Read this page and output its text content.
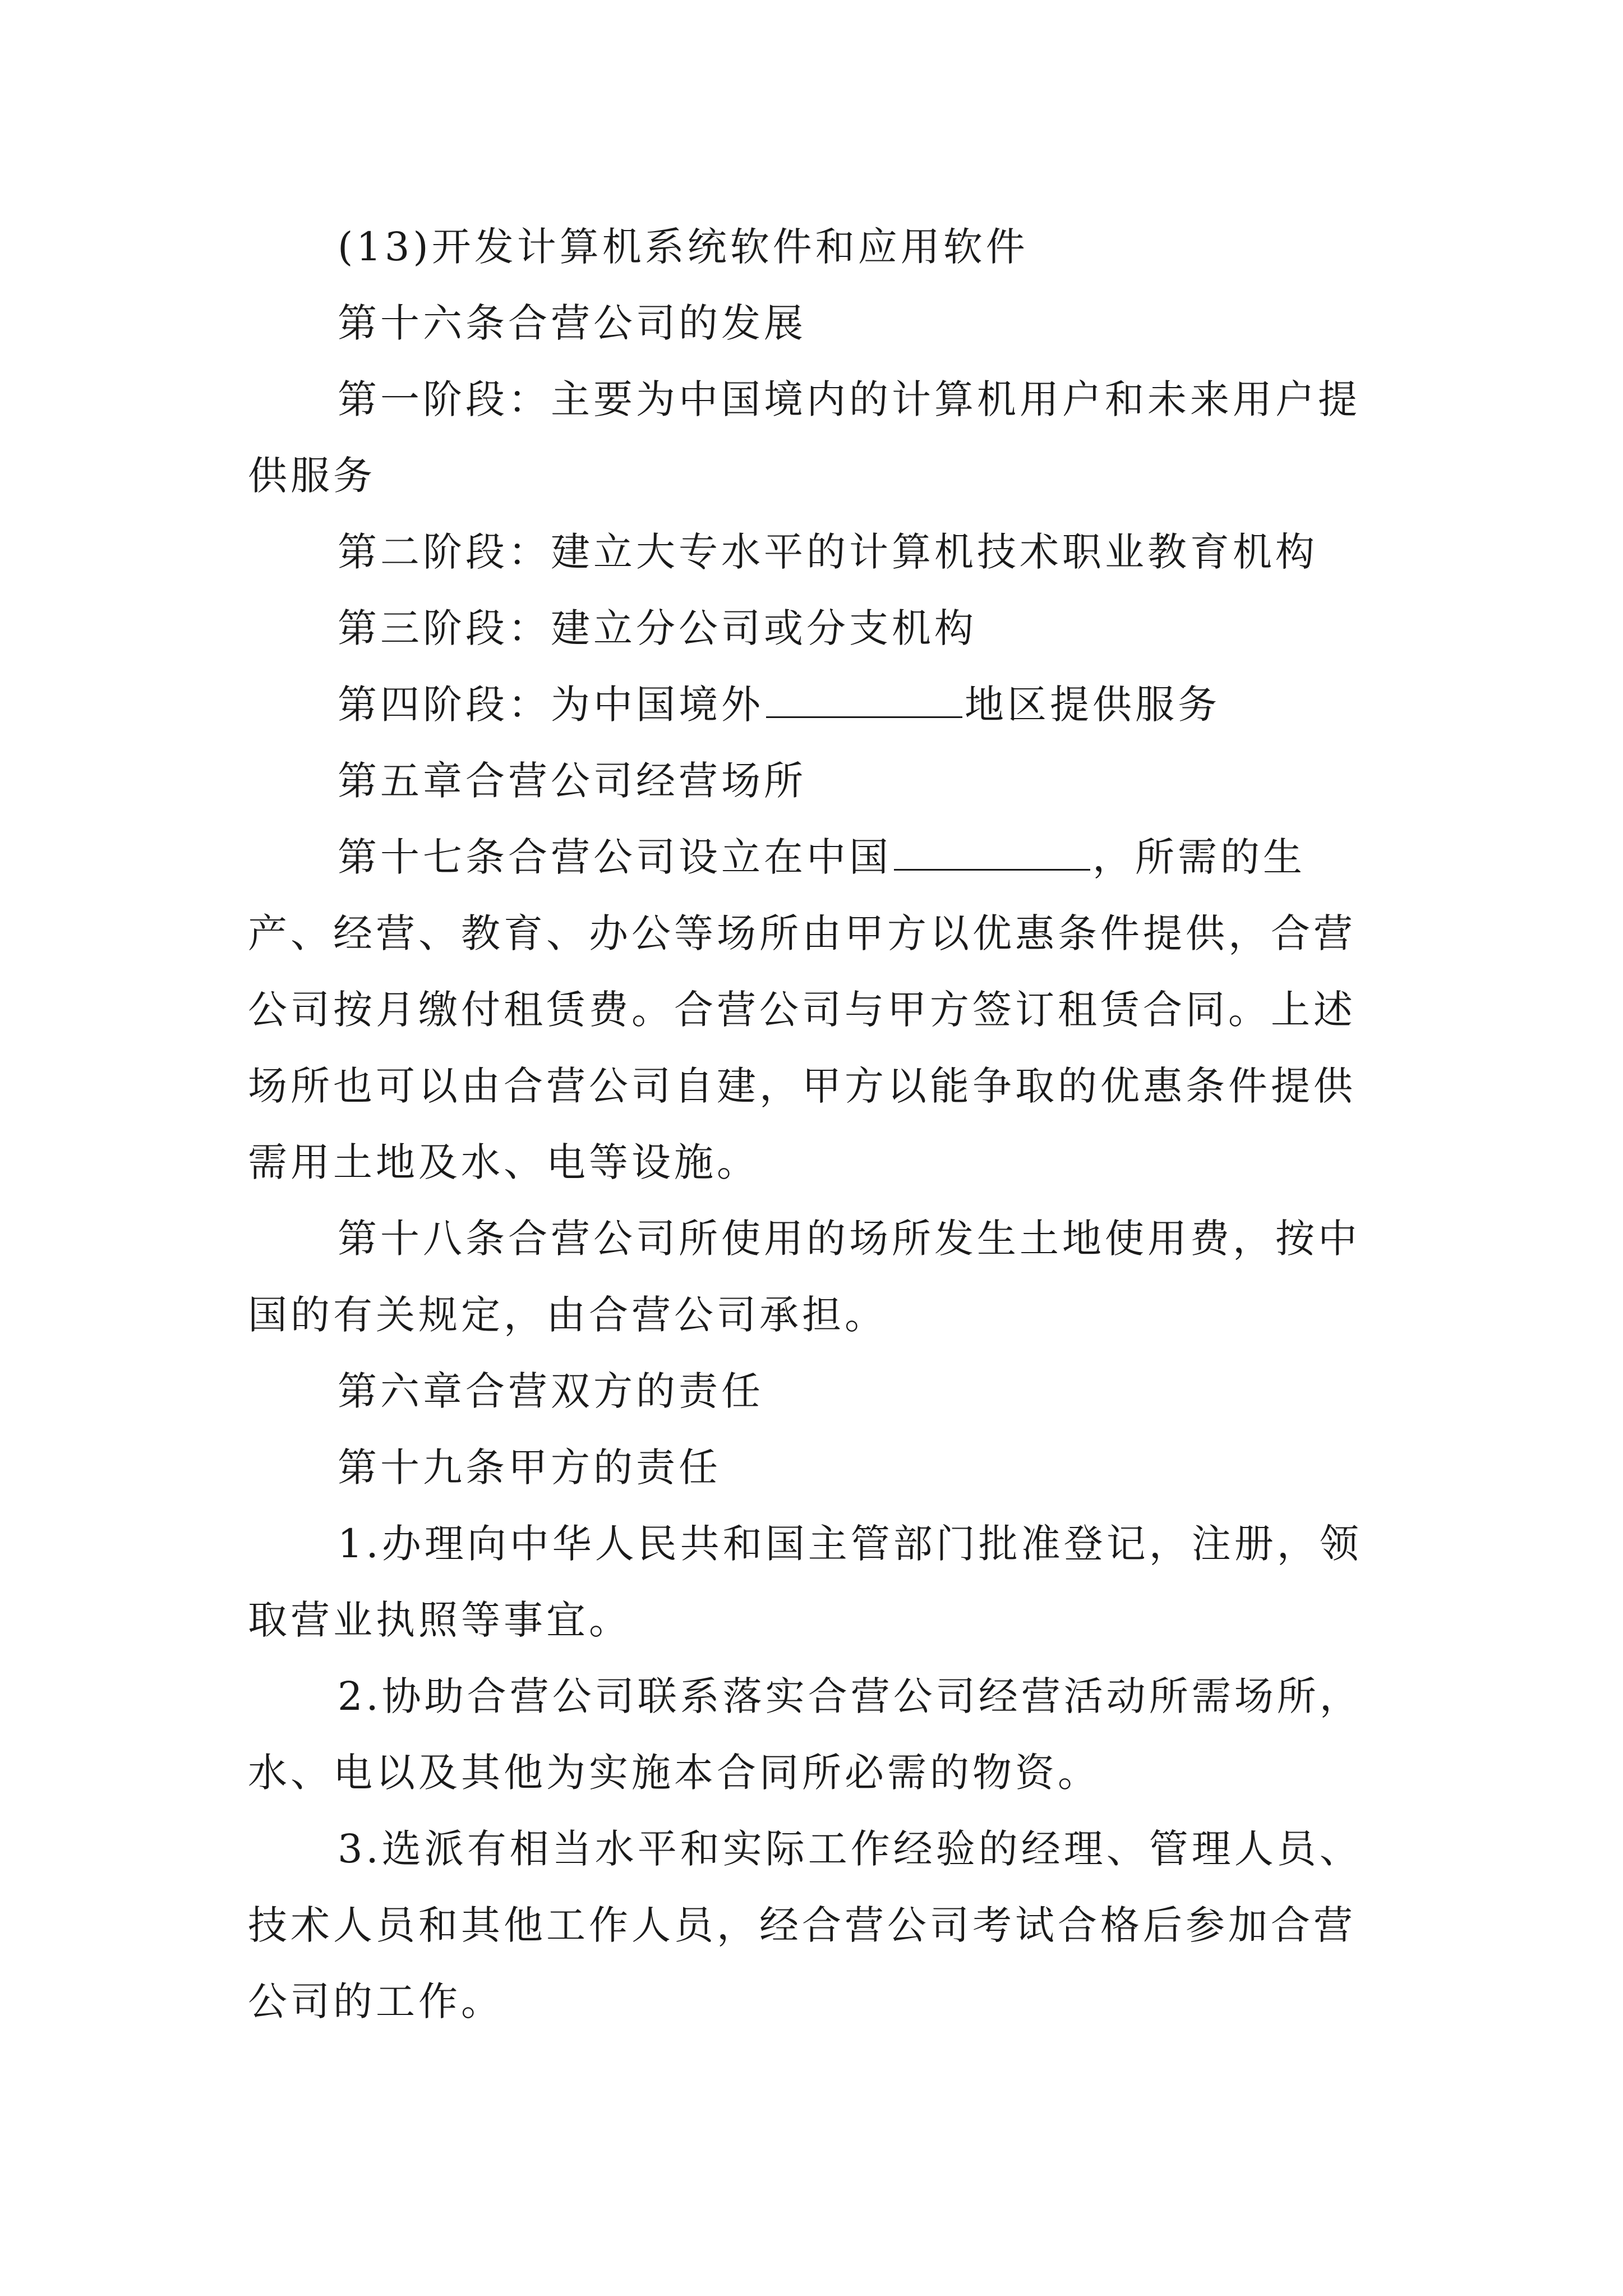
(13)开发计算机系统软件和应用软件

第十六条合营公司的发展

第一阶段：主要为中国境内的计算机用户和未来用户提供服务

第二阶段：建立大专水平的计算机技术职业教育机构

第三阶段：建立分公司或分支机构

第四阶段：为中国境外	地区提供服务

第五章合营公司经营场所

第十七条合营公司设立在中国	，所需的生产、经营、教育、办公等场所由甲方以优惠条件提供，合营公司按月缴付租赁费。合营公司与甲方签订租赁合同。上述场所也可以由合营公司自建，甲方以能争取的优惠条件提供需用土地及水、电等设施。

第十八条合营公司所使用的场所发生土地使用费，按中国的有关规定，由合营公司承担。

第六章合营双方的责任

第十九条甲方的责任

1.办理向中华人民共和国主管部门批准登记，注册，领取营业执照等事宜。

2.协助合营公司联系落实合营公司经营活动所需场所，水、电以及其他为实施本合同所必需的物资。

3.选派有相当水平和实际工作经验的经理、管理人员、技术人员和其他工作人员，经合营公司考试合格后参加合营公司的工作。
